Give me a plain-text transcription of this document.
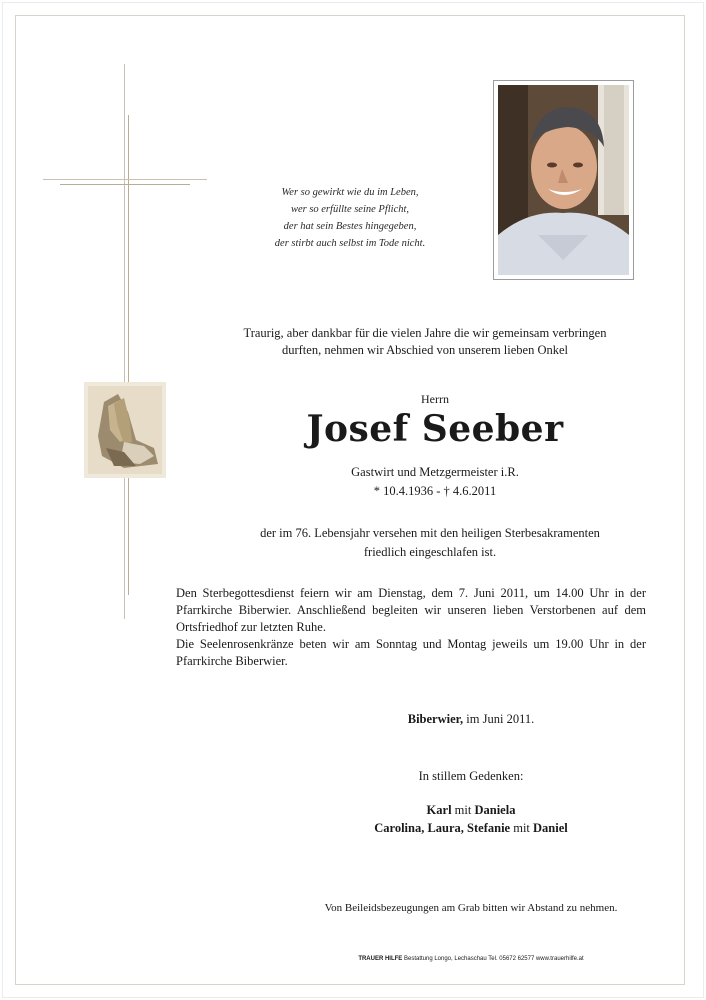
Wer so gewirkt wie du im Leben,
wer so erfüllte seine Pflicht,
der hat sein Bestes hingegeben,
der stirbt auch selbst im Tode nicht.
Traurig, aber dankbar für die vielen Jahre die wir gemeinsam verbringen
durften, nehmen wir Abschied von unserem lieben Onkel
Herrn
Josef Seeber
Gastwirt und Metzgermeister i.R.
* 10.4.1936 - † 4.6.2011
der im 76. Lebensjahr versehen mit den heiligen Sterbesakramenten
friedlich eingeschlafen ist.

Den Sterbegottesdienst feiern wir am Dienstag, dem 7. Juni 2011, um 14.00 Uhr in der Pfarrkirche Biberwier. Anschließend begleiten wir unseren lieben Verstorbenen auf dem Ortsfriedhof zur letzten Ruhe.

Die Seelenrosenkränze beten wir am Sonntag und Montag jeweils um 19.00 Uhr in der Pfarrkirche Biberwier.

Biberwier, im Juni 2011.
In stillem Gedenken:
Karl mit Daniela
Carolina, Laura, Stefanie mit Daniel
Von Beileidsbezeugungen am Grab bitten wir Abstand zu nehmen.
TRAUER HILFE Bestattung Longo, Lechaschau Tel. 05672 62577 www.trauerhilfe.at
